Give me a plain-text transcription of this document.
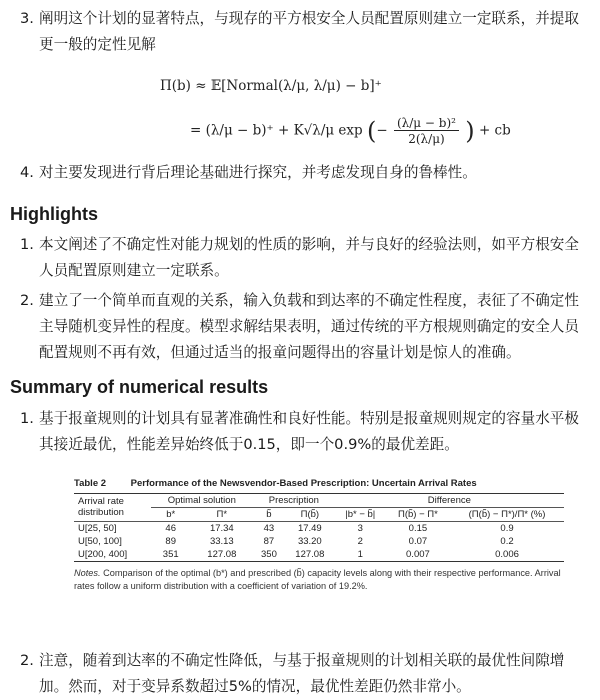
3. 阐明这个计划的显著特点，与现存的平方根安全人员配置原则建立一定联系，并提取更一般的定性见解
Π(b) ≈ 𝔼[Normal(λ/μ, λ/μ) − b]⁺
= (λ/μ − b)⁺ + K√λ/μ exp (− $\frac{\text{(λ/μ − b)²}}{2(\lambda/\mu)}$ ) + cb
4. 对主要发现进行背后理论基础进行探究，并考虑发现自身的鲁棒性。
Highlights
1. 本文阐述了不确定性对能力规划的性质的影响，并与良好的经验法则，如平方根安全人员配置原则建立一定联系。
2. 建立了一个简单而直观的关系，输入负载和到达率的不确定性程度，表征了不确定性主导随机变异性的程度。模型求解结果表明，通过传统的平方根规则确定的安全人员配置规则不再有效，但通过适当的报童问题得出的容量计划是惊人的准确。
Summary of numerical results
1. 基于报童规则的计划具有显著准确性和良好性能。特别是报童规则规定的容量水平极其接近最优，性能差异始终低于0.15，即一个0.9%的最优差距。
Table 2	Performance of the Newsvendor-Based Prescription: Uncertain Arrival Rates
Arrival rate
distribution	Optimal solution		Prescription		Difference		
	b*	Π*	b̃	Π(b̃)	|b* − b̃|	Π(b̃) − Π*	(Π(b̃) − Π*)/Π* (%)
U[25, 50]	46	17.34	43	17.49	3	0.15	0.9
U[50, 100]	89	33.13	87	33.20	2	0.07	0.2
U[200, 400]	351	127.08	350	127.08	1	0.007	0.006
Notes. Comparison of the optimal (b*) and prescribed (b̃) capacity levels along with their respective performance. Arrival rates follow a uniform distribution with a coefficient of variation of 19.2%.
2. 注意，随着到达率的不确定性降低，与基于报童规则的计划相关联的最优性间隙增加。然而，对于变异系数超过5%的情况，最优性差距仍然非常小。
